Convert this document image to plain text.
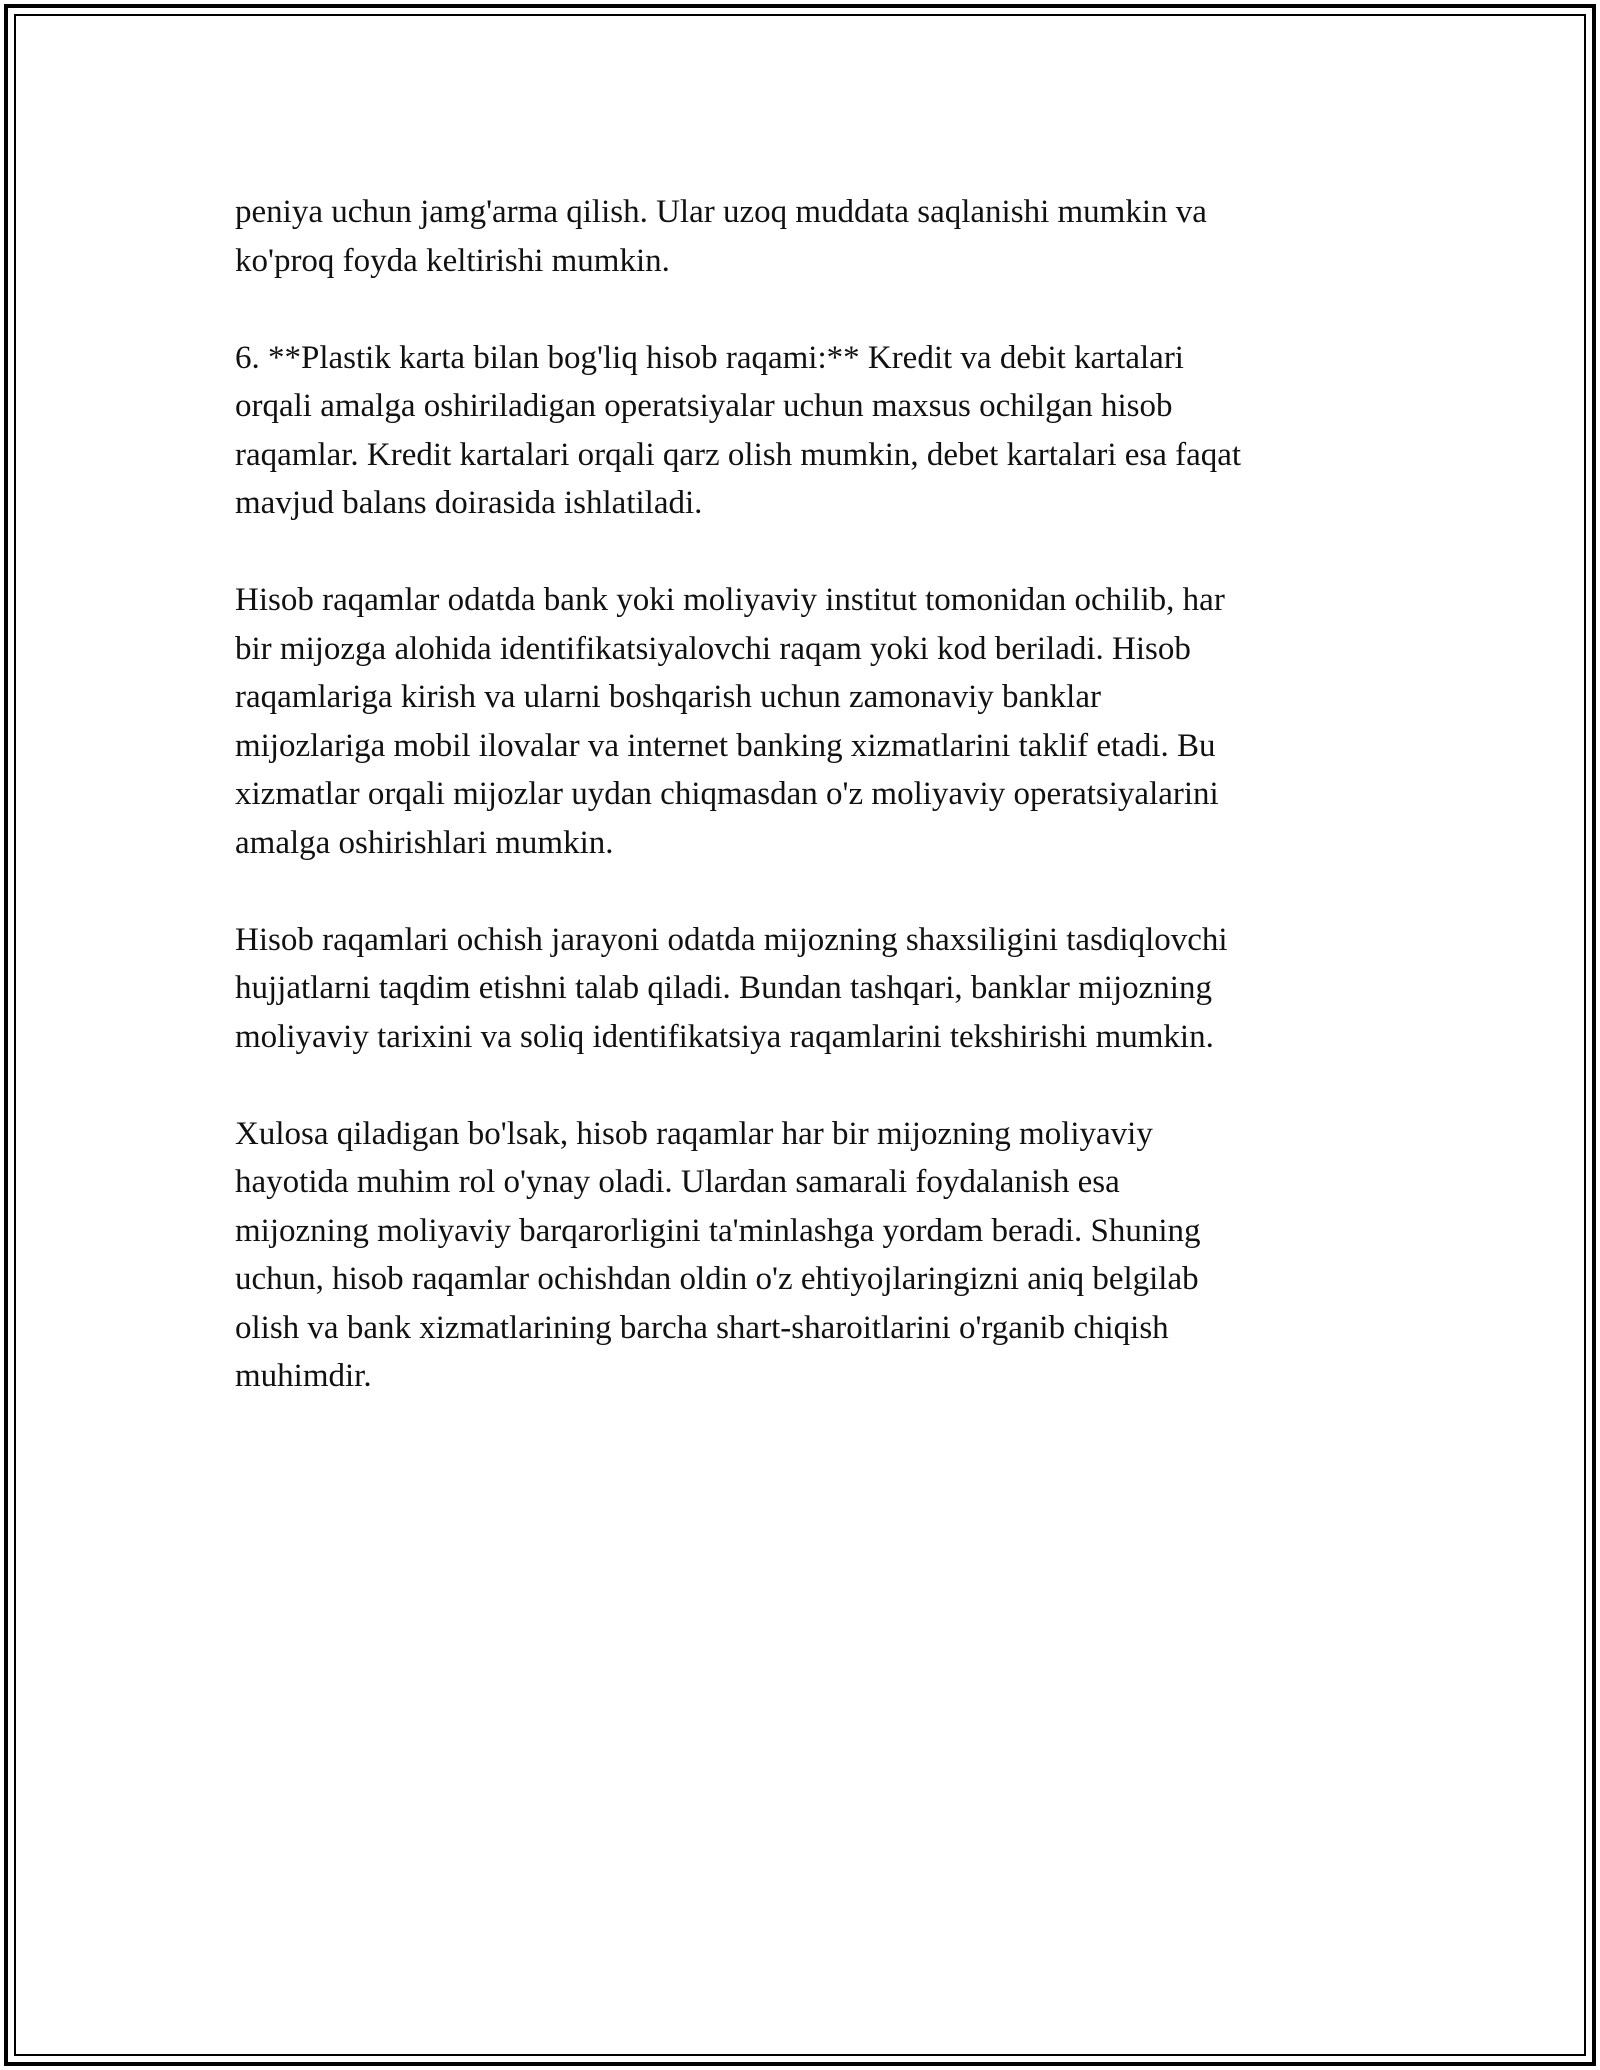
peniya uchun jamg'arma qilish. Ular uzoq muddata saqlanishi mumkin va
ko'proq foyda keltirishi mumkin.

6. **Plastik karta bilan bog'liq hisob raqami:** Kredit va debit kartalari
orqali amalga oshiriladigan operatsiyalar uchun maxsus ochilgan hisob
raqamlar. Kredit kartalari orqali qarz olish mumkin, debet kartalari esa faqat
mavjud balans doirasida ishlatiladi.

Hisob raqamlar odatda bank yoki moliyaviy institut tomonidan ochilib, har
bir mijozga alohida identifikatsiyalovchi raqam yoki kod beriladi. Hisob
raqamlariga kirish va ularni boshqarish uchun zamonaviy banklar
mijozlariga mobil ilovalar va internet banking xizmatlarini taklif etadi. Bu
xizmatlar orqali mijozlar uydan chiqmasdan o'z moliyaviy operatsiyalarini
amalga oshirishlari mumkin.

Hisob raqamlari ochish jarayoni odatda mijozning shaxsiligini tasdiqlovchi
hujjatlarni taqdim etishni talab qiladi. Bundan tashqari, banklar mijozning
moliyaviy tarixini va soliq identifikatsiya raqamlarini tekshirishi mumkin.

Xulosa qiladigan bo'lsak, hisob raqamlar har bir mijozning moliyaviy
hayotida muhim rol o'ynay oladi. Ulardan samarali foydalanish esa
mijozning moliyaviy barqarorligini ta'minlashga yordam beradi. Shuning
uchun, hisob raqamlar ochishdan oldin o'z ehtiyojlaringizni aniq belgilab
olish va bank xizmatlarining barcha shart-sharoitlarini o'rganib chiqish
muhimdir.
